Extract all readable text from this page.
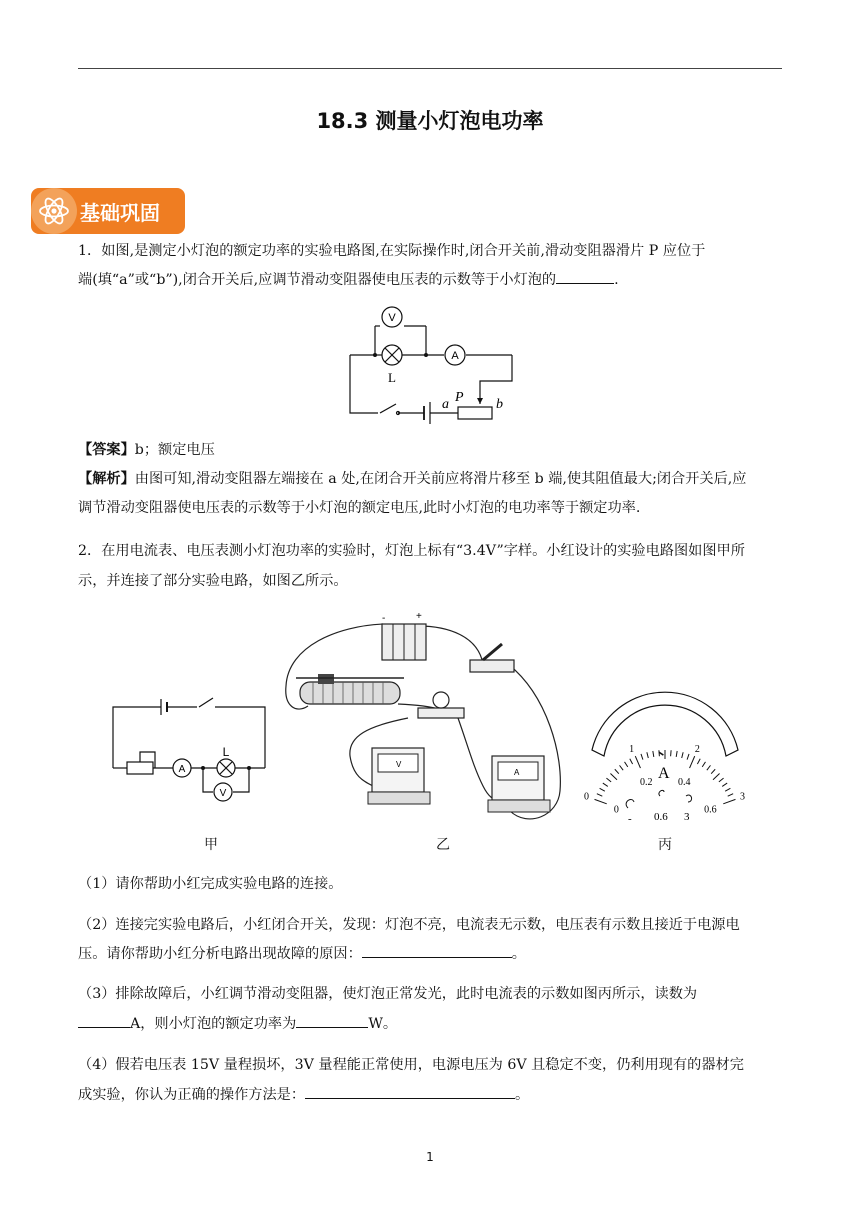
18.3 测量小灯泡电功率
基础巩固
1．如图,是测定小灯泡的额定功率的实验电路图,在实际操作时,闭合开关前,滑动变阻器滑片 P 应位于
端(填“a”或“b”),闭合开关后,应调节滑动变阻器使电压表的示数等于小灯泡的	.
V
A
L
P
a	b
【答案】b；额定电压
【解析】由图可知,滑动变阻器左端接在 a 处,在闭合开关前应将滑片移至 b 端,使其阻值最大;闭合开关后,应
调节滑动变阻器使电压表的示数等于小灯泡的额定电压,此时小灯泡的电功率等于额定功率.
2．在用电流表、电压表测小灯泡功率的实验时，灯泡上标有“3.4V”字样。小红设计的实验电路图如图甲所
示，并连接了部分实验电路，如图乙所示。
A
V
L
+
-
V
A
0
1	2
3
0
0.2	0.4
0.6
A
- 0.6 3
甲	乙	丙
（1）请你帮助小红完成实验电路的连接。
（2）连接完实验电路后，小红闭合开关，发现：灯泡不亮，电流表无示数，电压表有示数且接近于电源电
压。请你帮助小红分析电路出现故障的原因：	。
（3）排除故障后，小红调节滑动变阻器，使灯泡正常发光，此时电流表的示数如图丙所示，读数为
A，则小灯泡的额定功率为	W。
（4）假若电压表 15V 量程损坏，3V 量程能正常使用，电源电压为 6V 且稳定不变，仍利用现有的器材完
成实验，你认为正确的操作方法是：	。
1
